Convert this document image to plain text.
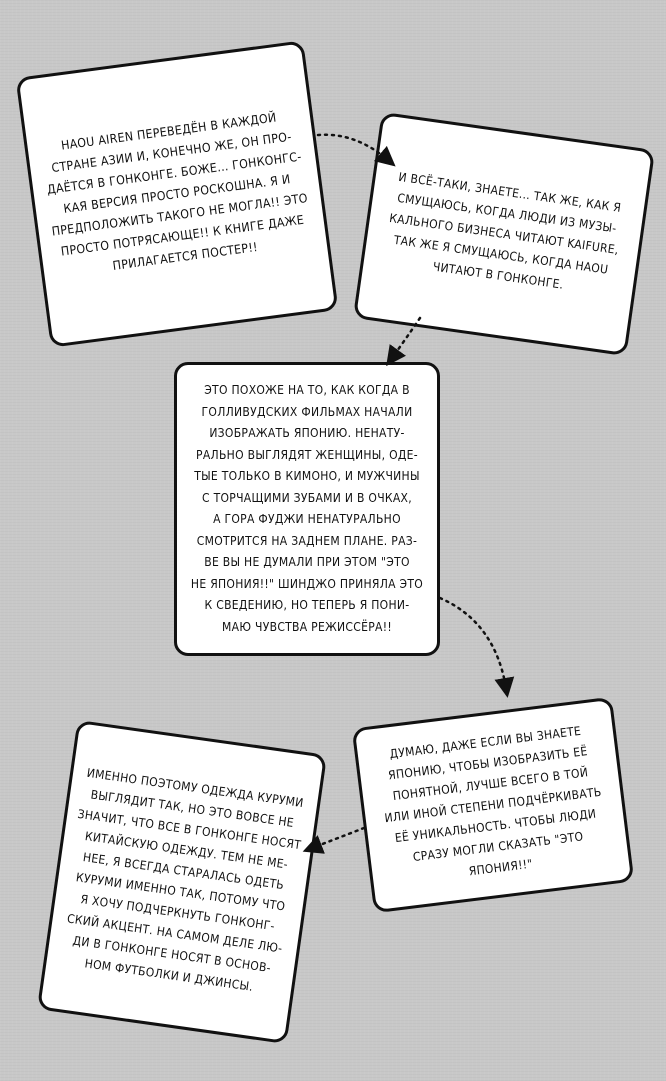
HAOU AIREN ПЕРЕВЕДЁН В КАЖДОЙ
СТРАНЕ АЗИИ И, КОНЕЧНО ЖЕ, ОН ПРО-
ДАЁТСЯ В ГОНКОНГЕ. БОЖЕ... ГОНКОНГС-
КАЯ ВЕРСИЯ ПРОСТО РОСКОШНА. Я И
ПРЕДПОЛОЖИТЬ ТАКОГО НЕ МОГЛА!! ЭТО
ПРОСТО ПОТРЯСАЮЩЕ!! К КНИГЕ ДАЖЕ
ПРИЛАГАЕТСЯ ПОСТЕР!!

И ВСЁ-ТАКИ, ЗНАЕТЕ... ТАК ЖЕ, КАК Я
СМУЩАЮСЬ, КОГДА ЛЮДИ ИЗ МУЗЫ-
КАЛЬНОГО БИЗНЕСА ЧИТАЮТ KAIFURE,
ТАК ЖЕ Я СМУЩАЮСЬ, КОГДА HAOU
ЧИТАЮТ В ГОНКОНГЕ.

ЭТО ПОХОЖЕ НА ТО, КАК КОГДА В
ГОЛЛИВУДСКИХ ФИЛЬМАХ НАЧАЛИ
ИЗОБРАЖАТЬ ЯПОНИЮ. НЕНАТУ-
РАЛЬНО ВЫГЛЯДЯТ ЖЕНЩИНЫ, ОДЕ-
ТЫЕ ТОЛЬКО В КИМОНО, И МУЖЧИНЫ
С ТОРЧАЩИМИ ЗУБАМИ И В ОЧКАХ,
А ГОРА ФУДЖИ НЕНАТУРАЛЬНО
СМОТРИТСЯ НА ЗАДНЕМ ПЛАНЕ. РАЗ-
ВЕ ВЫ НЕ ДУМАЛИ ПРИ ЭТОМ "ЭТО
НЕ ЯПОНИЯ!!" ШИНДЖО ПРИНЯЛА ЭТО
К СВЕДЕНИЮ, НО ТЕПЕРЬ Я ПОНИ-
МАЮ ЧУВСТВА РЕЖИССЁРА!!

ДУМАЮ, ДАЖЕ ЕСЛИ ВЫ ЗНАЕТЕ
ЯПОНИЮ, ЧТОБЫ ИЗОБРАЗИТЬ ЕЁ
ПОНЯТНОЙ, ЛУЧШЕ ВСЕГО В ТОЙ
ИЛИ ИНОЙ СТЕПЕНИ ПОДЧЁРКИВАТЬ
ЕЁ УНИКАЛЬНОСТЬ. ЧТОБЫ ЛЮДИ
СРАЗУ МОГЛИ СКАЗАТЬ "ЭТО
ЯПОНИЯ!!"

ИМЕННО ПОЭТОМУ ОДЕЖДА КУРУМИ
ВЫГЛЯДИТ ТАК, НО ЭТО ВОВСЕ НЕ
ЗНАЧИТ, ЧТО ВСЕ В ГОНКОНГЕ НОСЯТ
КИТАЙСКУЮ ОДЕЖДУ. ТЕМ НЕ МЕ-
НЕЕ, Я ВСЕГДА СТАРАЛАСЬ ОДЕТЬ
КУРУМИ ИМЕННО ТАК, ПОТОМУ ЧТО
Я ХОЧУ ПОДЧЕРКНУТЬ ГОНКОНГ-
СКИЙ АКЦЕНТ. НА САМОМ ДЕЛЕ ЛЮ-
ДИ В ГОНКОНГЕ НОСЯТ В ОСНОВ-
НОМ ФУТБОЛКИ И ДЖИНСЫ.
